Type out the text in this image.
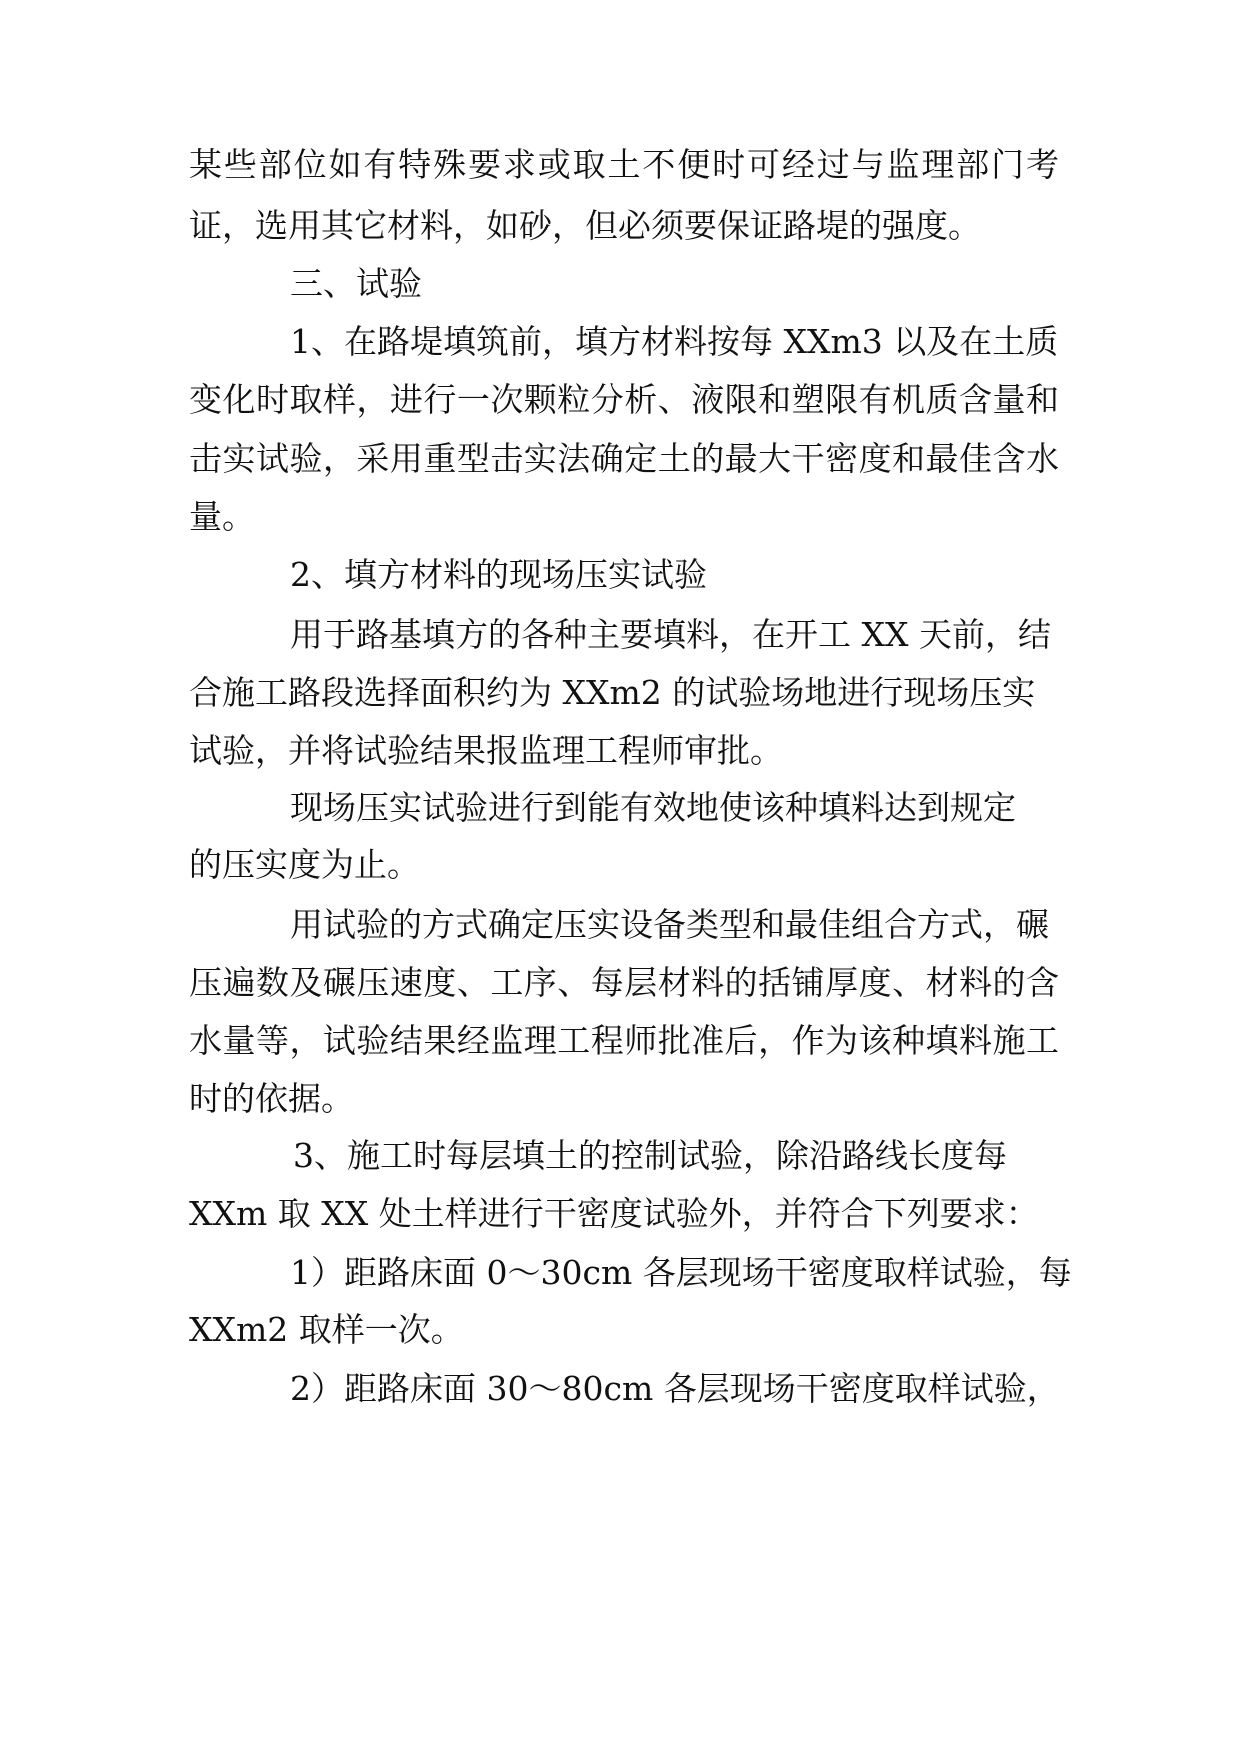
某些部位如有特殊要求或取土不便时可经过与监理部门考
证，选用其它材料，如砂，但必须要保证路堤的强度。
三、试验
1、在路堤填筑前，填方材料按每 XXm3 以及在土质
变化时取样，进行一次颗粒分析、液限和塑限有机质含量和
击实试验，采用重型击实法确定土的最大干密度和最佳含水
量。
2、填方材料的现场压实试验
用于路基填方的各种主要填料，在开工 XX 天前，结
合施工路段选择面积约为 XXm2 的试验场地进行现场压实
试验，并将试验结果报监理工程师审批。
现场压实试验进行到能有效地使该种填料达到规定
的压实度为止。
用试验的方式确定压实设备类型和最佳组合方式，碾
压遍数及碾压速度、工序、每层材料的括铺厚度、材料的含
水量等，试验结果经监理工程师批准后，作为该种填料施工
时的依据。
3、施工时每层填土的控制试验，除沿路线长度每
XXm 取 XX 处土样进行干密度试验外，并符合下列要求：
1）距路床面 0～30cm 各层现场干密度取样试验，每
XXm2 取样一次。
2）距路床面 30～80cm 各层现场干密度取样试验，
